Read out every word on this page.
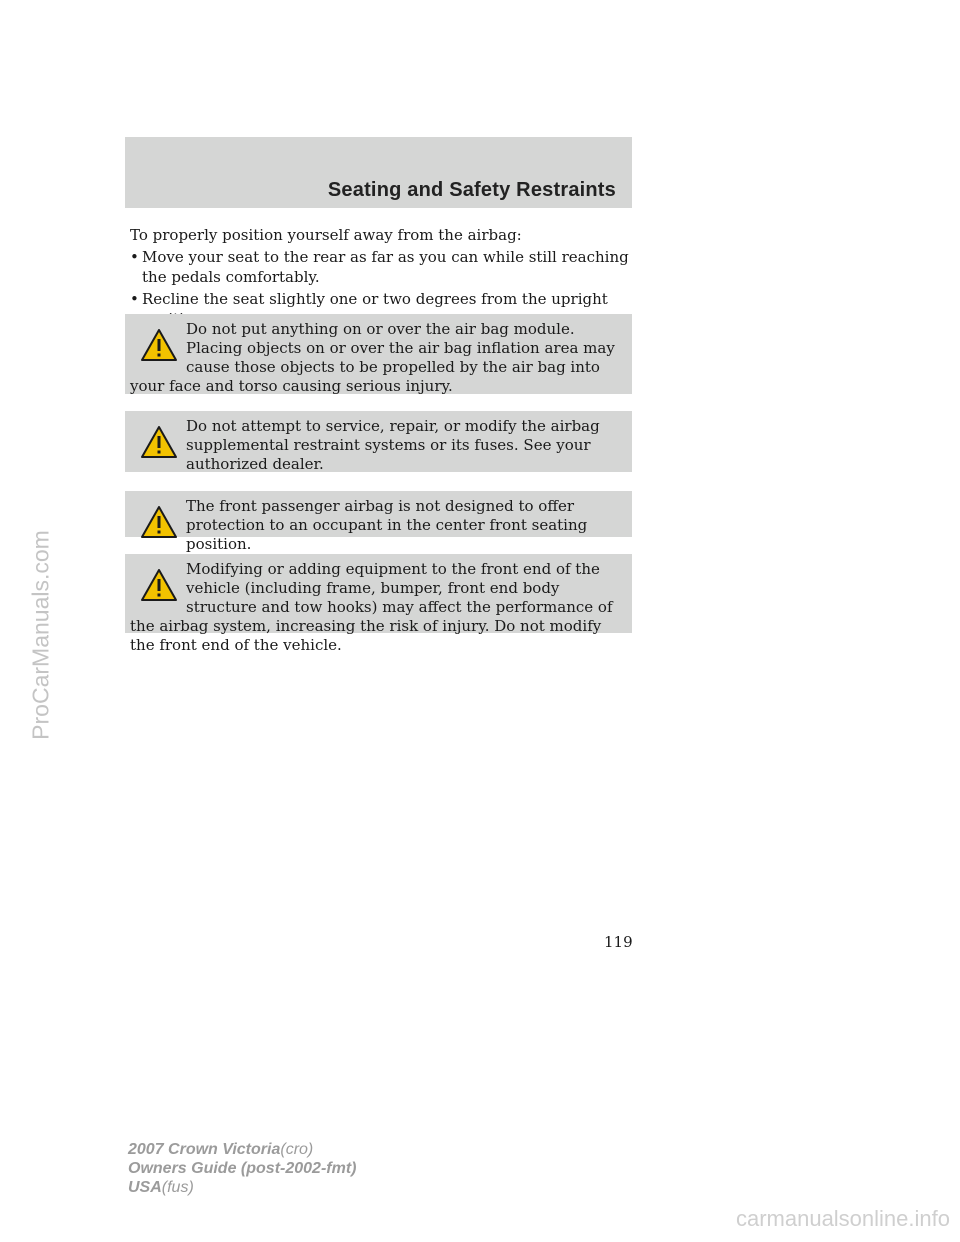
Seating and Safety Restraints
To properly position yourself away from the airbag:
• Move your seat to the rear as far as you can while still reaching the pedals comfortably.
• Recline the seat slightly one or two degrees from the upright
Do not put anything on or over the air bag module. Placing objects on or over the air bag inflation area may cause those objects to be propelled by the air bag into your face and torso causing serious injury.
Do not attempt to service, repair, or modify the airbag supplemental restraint systems or its fuses. See your authorized dealer.
The front passenger airbag is not designed to offer protection to an occupant in the center front seating position.
Modifying or adding equipment to the front end of the vehicle (including frame, bumper, front end body structure and tow hooks) may affect the performance of the airbag system, increasing the risk of injury. Do not modify the front end of the vehicle.
119
2007 Crown Victoria(cro)
Owners Guide (post-2002-fmt)
USA(fus)
ProCarManuals.com
carmanualsonline.info
